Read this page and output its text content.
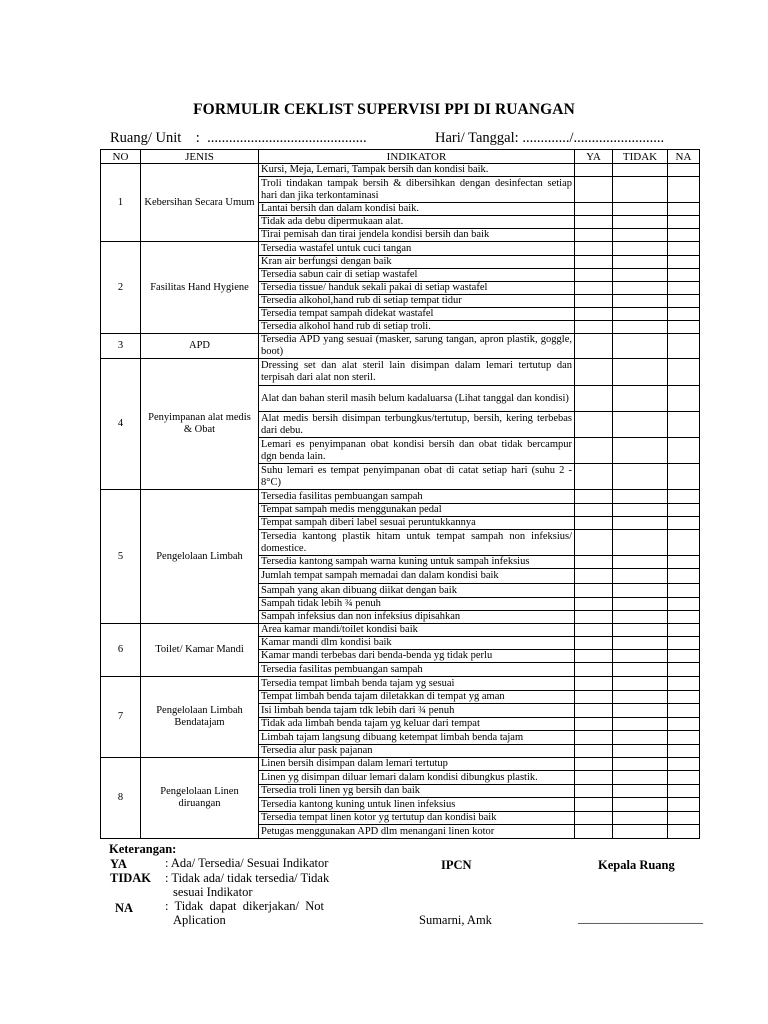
FORMULIR CEKLIST SUPERVISI PPI DI RUANGAN
Ruang/ Unit :  ............................................	Hari/ Tanggal: ............./.........................
NO	JENIS	INDIKATOR	YA	TIDAK	NA
1	Kebersihan Secara Umum	Kursi, Meja, Lemari, Tampak bersih dan kondisi baik.			
		Troli tindakan tampak bersih & dibersihkan dengan desinfectan setiap hari dan jika terkontaminasi			
		Lantai bersih dan dalam kondisi baik.			
		Tidak ada debu dipermukaan alat.			
		Tirai pemisah dan tirai jendela kondisi bersih dan baik			
2	Fasilitas Hand Hygiene	Tersedia wastafel untuk cuci tangan			
		Kran air berfungsi dengan baik			
		Tersedia sabun cair di setiap wastafel			
		Tersedia tissue/ handuk sekali pakai di setiap wastafel			
		Tersedia alkohol,hand rub di setiap tempat tidur			
		Tersedia tempat sampah didekat wastafel			
		Tersedia alkohol hand rub di setiap troli.			
3	APD	Tersedia APD yang sesuai (masker, sarung tangan, apron plastik, goggle, boot)			
4	Penyimpanan alat medis & Obat	Dressing set dan alat steril lain disimpan dalam lemari tertutup dan terpisah dari alat non steril.			
		Alat dan bahan steril masih belum kadaluarsa (Lihat tanggal dan kondisi)			
		Alat medis bersih disimpan terbungkus/tertutup, bersih, kering terbebas dari debu.			
		Lemari es penyimpanan obat kondisi bersih dan obat tidak bercampur dgn benda lain.			
		Suhu lemari es tempat penyimpanan obat di catat setiap hari (suhu 2 - 8°C)			
5	Pengelolaan Limbah	Tersedia fasilitas pembuangan sampah			
		Tempat sampah medis menggunakan pedal			
		Tempat sampah diberi label sesuai peruntukkannya			
		Tersedia kantong plastik hitam untuk tempat sampah non infeksius/ domestice.			
		Tersedia kantong sampah warna kuning untuk sampah infeksius			
		Jumlah tempat sampah memadai dan dalam kondisi baik			
		Sampah yang akan dibuang diikat dengan baik			
		Sampah tidak lebih ¾ penuh			
		Sampah infeksius dan non infeksius dipisahkan			
6	Toilet/ Kamar Mandi	Area kamar mandi/toilet kondisi baik			
		Kamar mandi dlm kondisi baik			
		Kamar mandi terbebas dari benda-benda yg tidak perlu			
		Tersedia fasilitas pembuangan sampah			
7	Pengelolaan Limbah Bendatajam	Tersedia tempat limbah benda tajam yg sesuai			
		Tempat limbah benda tajam diletakkan di tempat yg aman			
		Isi limbah benda tajam tdk lebih dari ¾ penuh			
		Tidak ada limbah benda tajam yg keluar dari tempat			
		Limbah tajam langsung dibuang ketempat limbah benda tajam			
		Tersedia alur pask pajanan			
8	Pengelolaan Linen diruangan	Linen bersih disimpan dalam lemari tertutup			
		Linen yg disimpan diluar lemari dalam kondisi dibungkus plastik.			
		Tersedia troli linen yg bersih dan baik			
		Tersedia kantong kuning untuk linen infeksius			
		Tersedia tempat linen kotor yg tertutup dan kondisi baik			
		Petugas menggunakan APD dlm menangani linen kotor			
Keterangan:
YA	: Ada/ Tersedia/ Sesuai Indikator
TIDAK : Tidak ada/ tidak tersedia/ Tidak
sesuai Indikator
NA	:  Tidak  dapat  dikerjakan/  Not
Aplication
IPCN
Sumarni, Amk
Kepala Ruang
____________________
